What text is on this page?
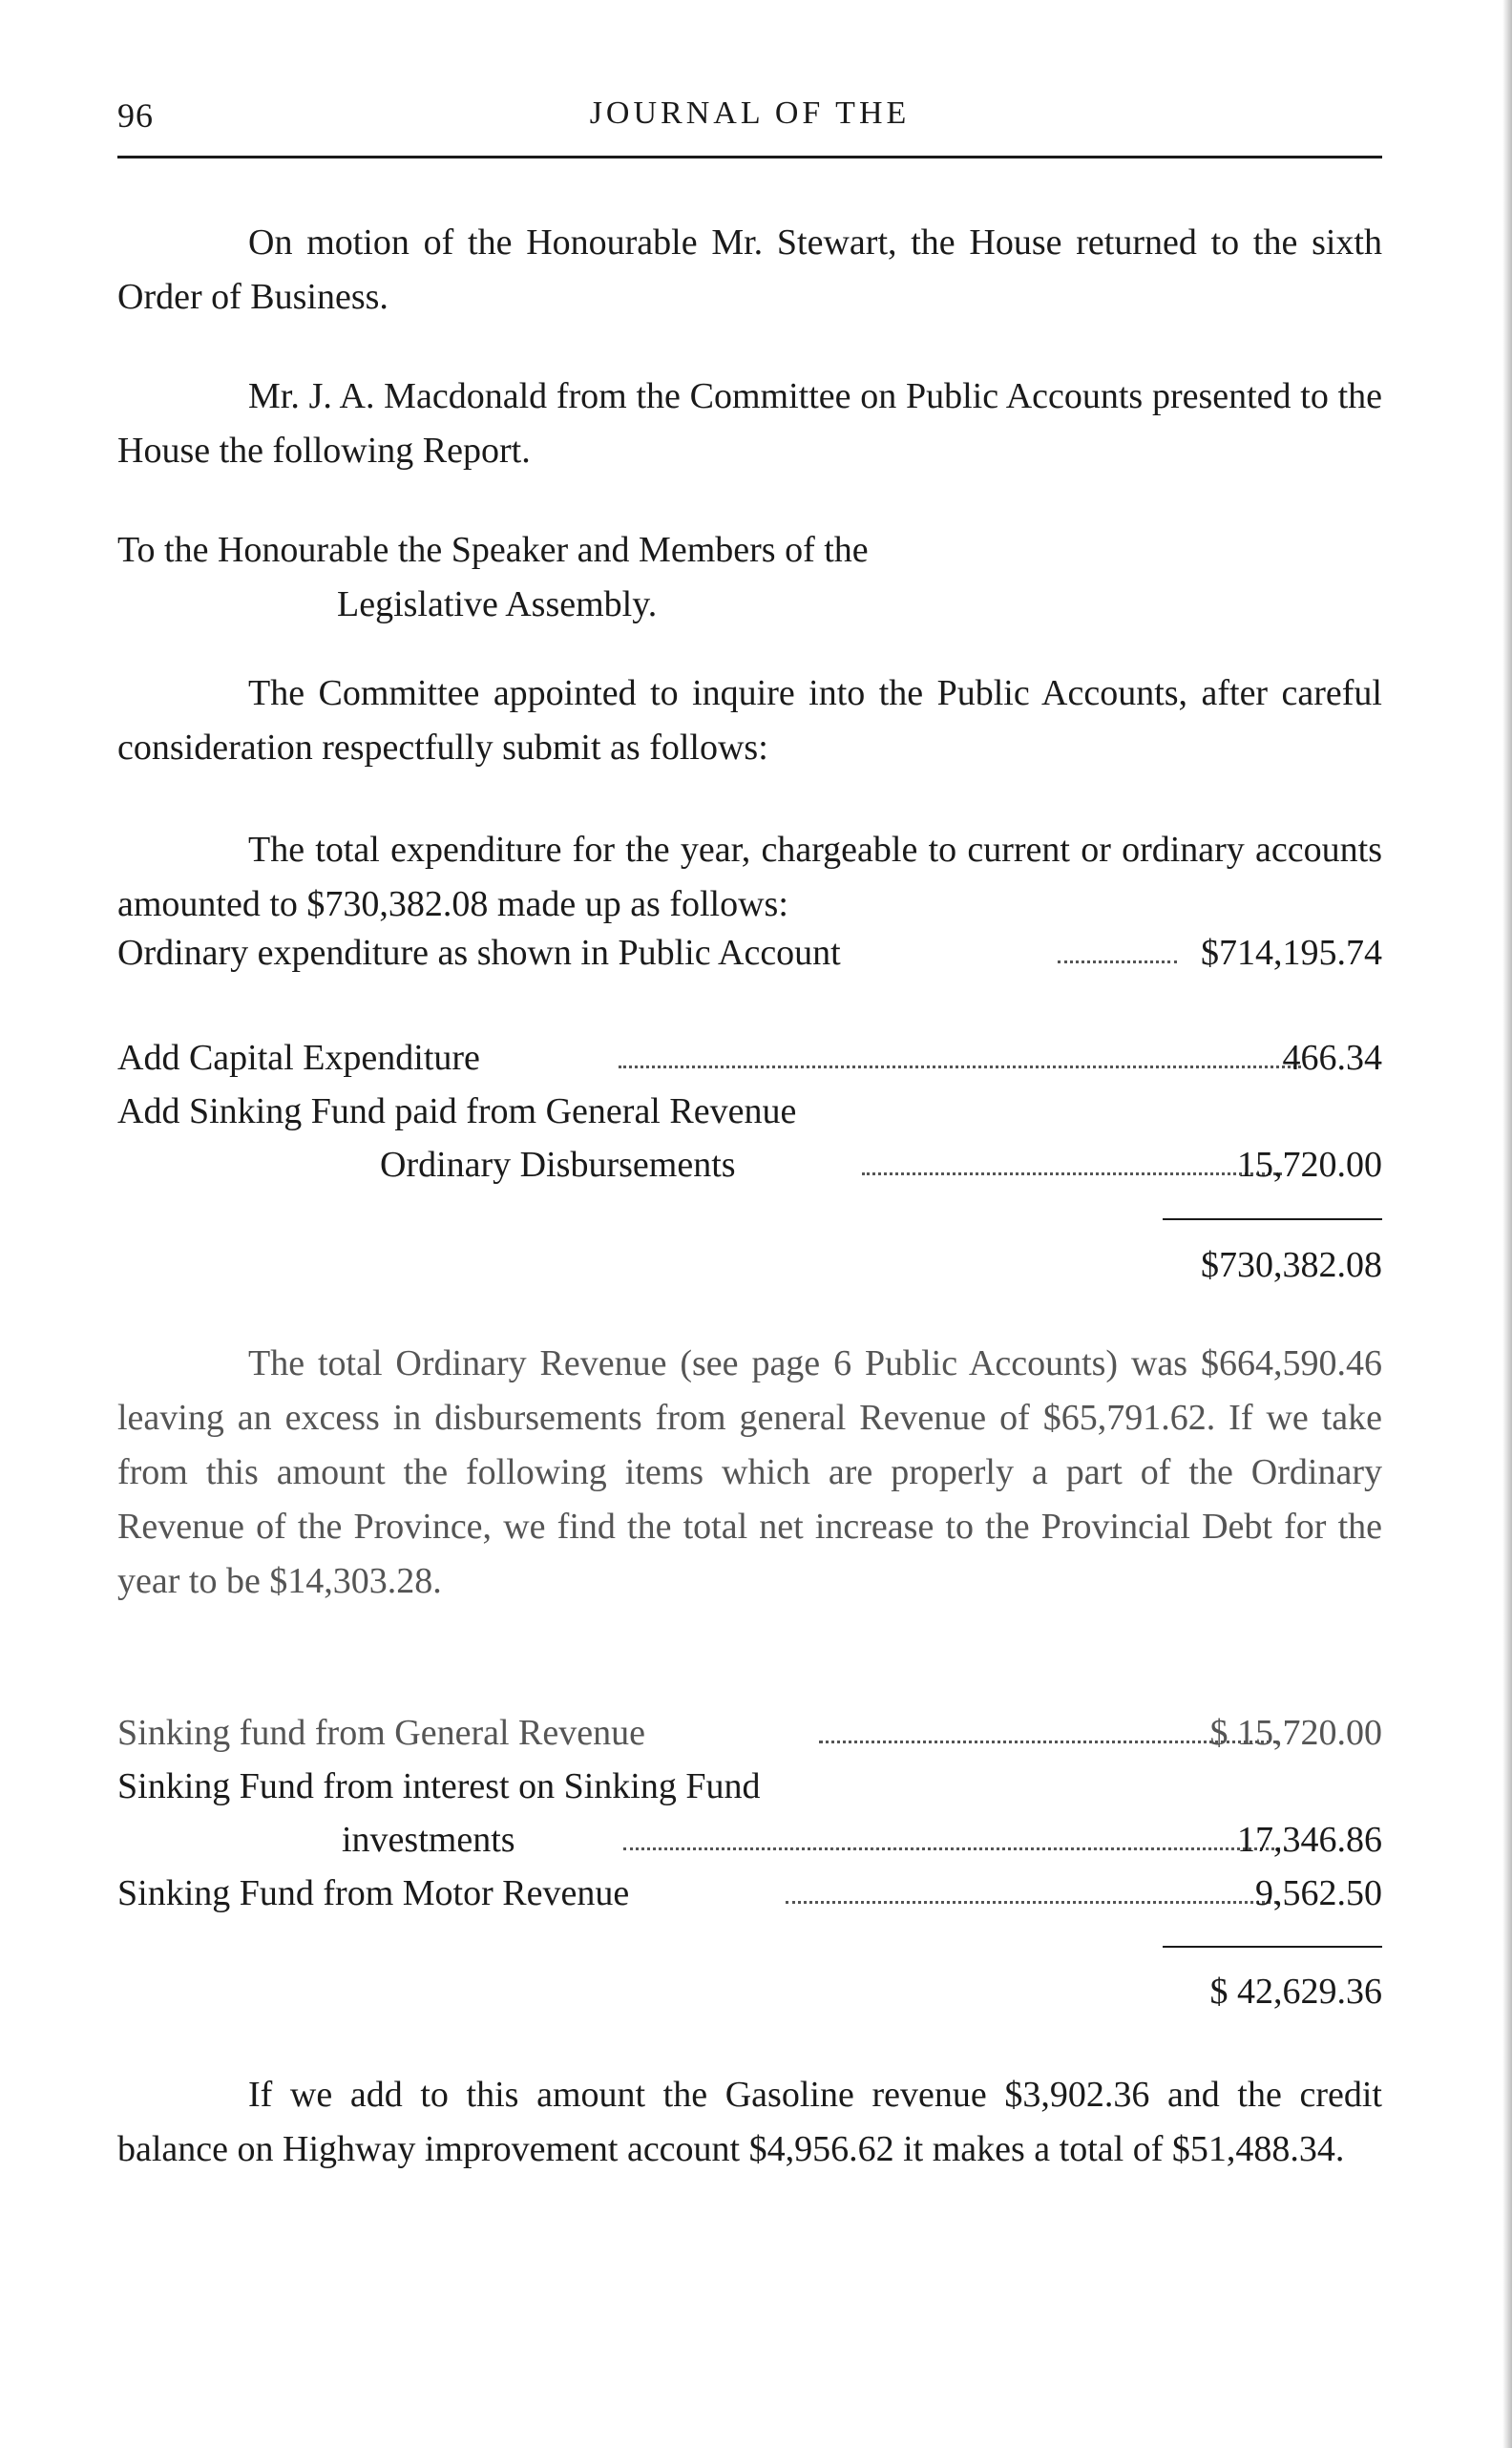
96	JOURNAL OF THE

On motion of the Honourable Mr. Stewart, the House returned to the sixth Order of Business.

Mr. J. A. Macdonald from the Committee on Public Accounts presented to the House the following Report.

To the Honourable the Speaker and Members of the
Legislative Assembly.

The Committee appointed to inquire into the Public Accounts, after careful consideration respectfully submit as follows:

The total expenditure for the year, chargeable to current or ordinary accounts amounted to $730,382.08 made up as follows:

Ordinary expenditure as shown in Public Account	$714,195.74
Add Capital Expenditure	466.34
Add Sinking Fund paid from General Revenue
Ordinary Disbursements	15,720.00
$730,382.08

The total Ordinary Revenue (see page 6 Public Accounts) was $664,590.46 leaving an excess in disbursements from general Revenue of $65,791.62. If we take from this amount the following items which are properly a part of the Ordinary Revenue of the Province, we find the total net increase to the Provincial Debt for the year to be $14,303.28.

Sinking fund from General Revenue	$ 15,720.00
Sinking Fund from interest on Sinking Fund
investments	17,346.86
Sinking Fund from Motor Revenue	9,562.50
$ 42,629.36

If we add to this amount the Gasoline revenue $3,902.36 and the credit balance on Highway improvement account $4,956.62 it makes a total of $51,488.34.
